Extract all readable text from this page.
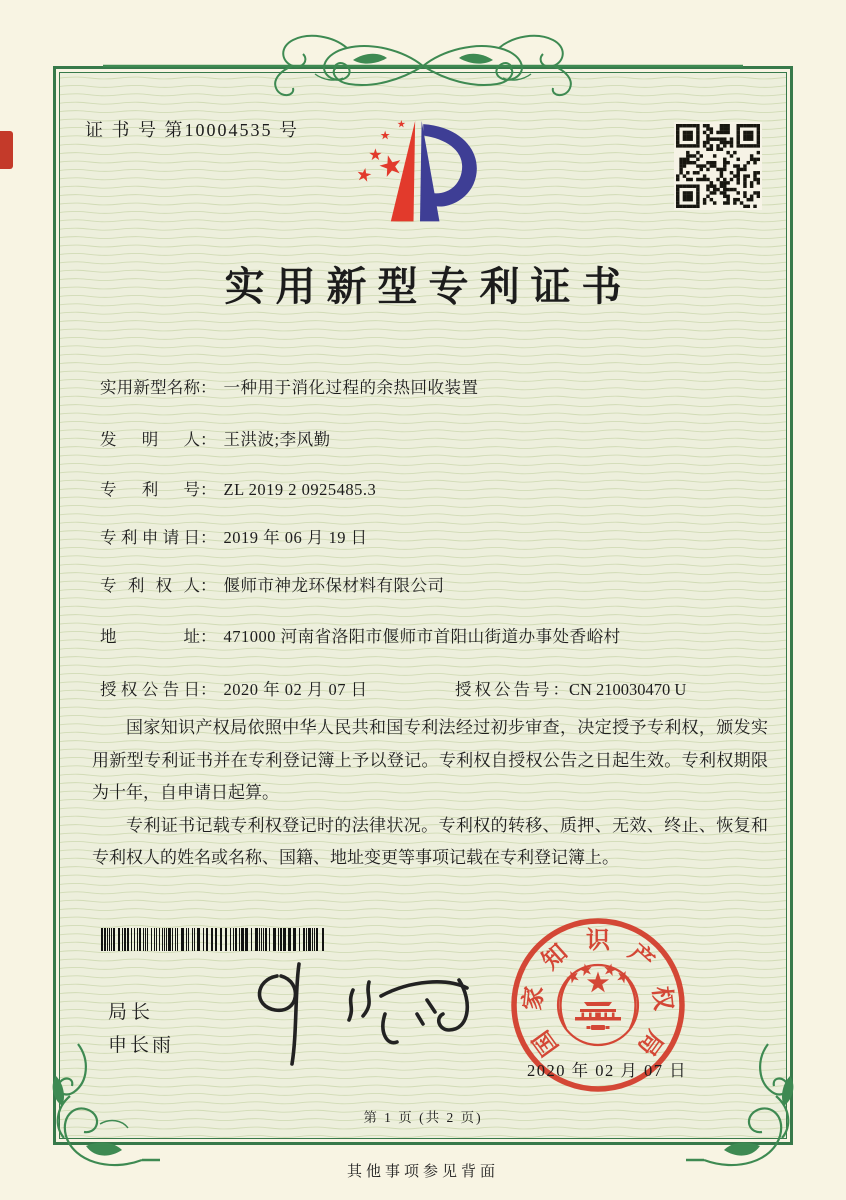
证 书 号 第10004535 号
实用新型专利证书
实用新型名称： 一种用于消化过程的余热回收装置
发明人： 王洪波;李风勤
专利号： ZL 2019 2 0925485.3
专利申请日： 2019 年 06 月 19 日
专利权人： 偃师市神龙环保材料有限公司
地址： 471000 河南省洛阳市偃师市首阳山街道办事处香峪村
授权公告日： 2020 年 02 月 07 日	授权公告号：CN 210030470 U

国家知识产权局依照中华人民共和国专利法经过初步审查，决定授予专利权，颁发实用新型专利证书并在专利登记簿上予以登记。专利权自授权公告之日起生效。专利权期限为十年，自申请日起算。

专利证书记载专利权登记时的法律状况。专利权的转移、质押、无效、终止、恢复和专利权人的姓名或名称、国籍、地址变更等事项记载在专利登记簿上。

局长
申长雨	国
家
知 识 产
权
局
2020 年 02 月 07 日
第 1 页 (共 2 页)
其他事项参见背面
